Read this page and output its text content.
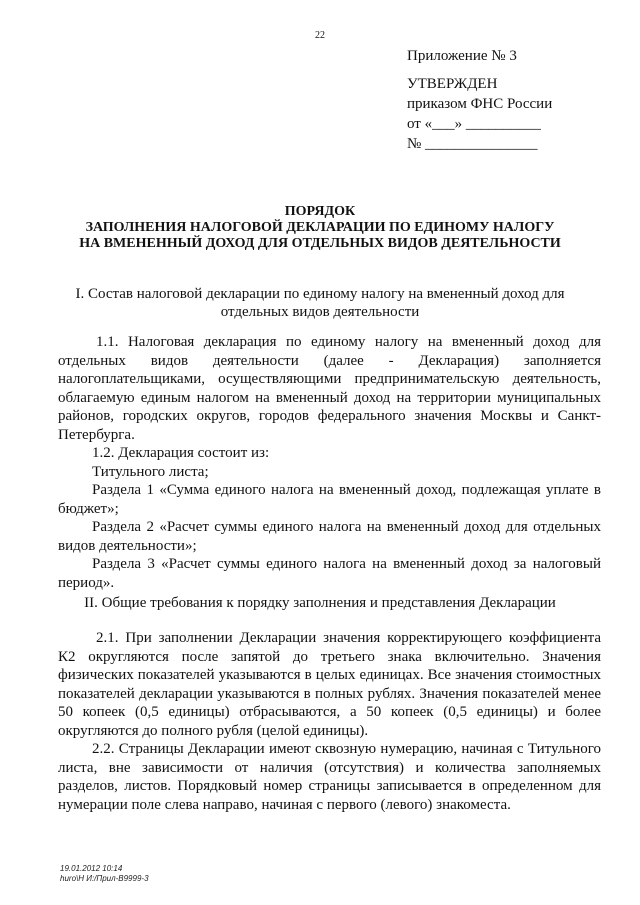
22
Приложение № 3
УТВЕРЖДЕН
приказом ФНС России
от «___» __________
№ _______________
ПОРЯДОК
ЗАПОЛНЕНИЯ НАЛОГОВОЙ ДЕКЛАРАЦИИ ПО ЕДИНОМУ НАЛОГУ
НА ВМЕНЕННЫЙ ДОХОД ДЛЯ ОТДЕЛЬНЫХ ВИДОВ ДЕЯТЕЛЬНОСТИ
I. Состав налоговой декларации по единому налогу на вмененный доход для
отдельных видов деятельности

1.1. Налоговая декларация по единому налогу на вмененный доход для отдельных видов деятельности (далее - Декларация) заполняется налогоплательщиками, осуществляющими предпринимательскую деятельность, облагаемую единым налогом на вмененный доход на территории муниципальных районов, городских округов, городов федерального значения Москвы и Санкт-Петербурга.

1.2. Декларация состоит из:

Титульного листа;

Раздела 1 «Сумма единого налога на вмененный доход, подлежащая уплате в бюджет»;

Раздела 2 «Расчет суммы единого налога на вмененный доход для отдельных видов деятельности»;

Раздела 3 «Расчет суммы единого налога на вмененный доход за налоговый период».

II. Общие требования к порядку заполнения и представления Декларации

2.1. При заполнении Декларации значения корректирующего коэффициента К2 округляются после запятой до третьего знака включительно. Значения физических показателей указываются в целых единицах. Все значения стоимостных показателей декларации указываются в полных рублях. Значения показателей менее 50 копеек (0,5 единицы) отбрасываются, а 50 копеек (0,5 единицы) и более округляются до полного рубля (целой единицы).

2.2. Страницы Декларации имеют сквозную нумерацию, начиная с Титульного листа, вне зависимости от наличия (отсутствия) и количества заполняемых разделов, листов. Порядковый номер страницы записывается в определенном для нумерации поле слева направо, начиная с первого (левого) знакоместа.

19.01.2012 10:14
huro\Н И:/Прил-В9999-3
